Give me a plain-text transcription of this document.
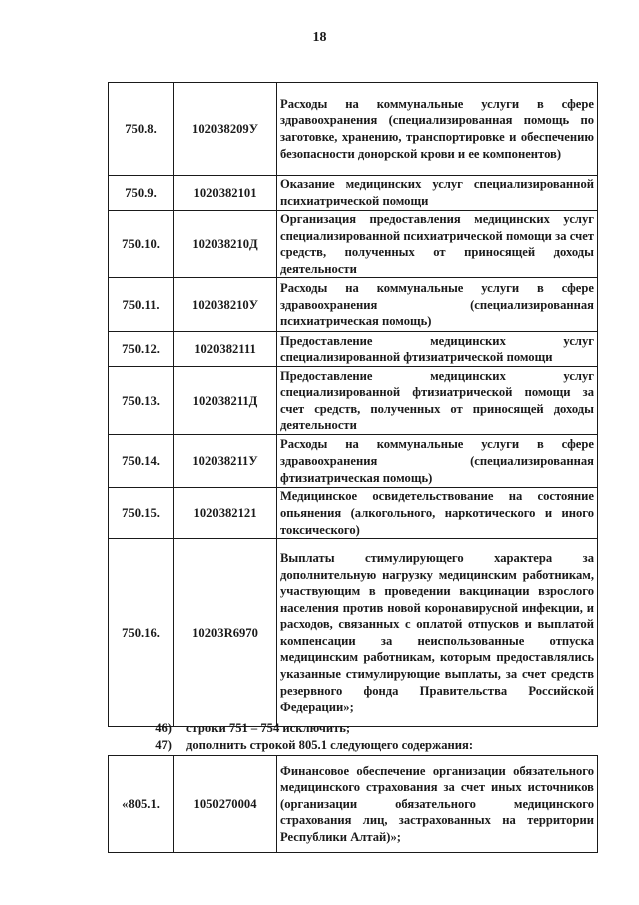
18
750.8.	102038209У	Расходы на коммунальные услуги в сфере здравоохранения (специализированная помощь по заготовке, хранению, транспортировке и обеспечению безопасности донорской крови и ее компонентов)
750.9.	1020382101	Оказание медицинских услуг специализированной психиатрической помощи
750.10.	102038210Д	Организация предоставления медицинских услуг специализированной психиатрической помощи за счет средств, полученных от приносящей доходы деятельности
750.11.	102038210У	Расходы на коммунальные услуги в сфере здравоохранения (специализированная психиатрическая помощь)
750.12.	1020382111	Предоставление медицинских услуг специализированной фтизиатрической помощи
750.13.	102038211Д	Предоставление медицинских услуг специализированной фтизиатрической помощи за счет средств, полученных от приносящей доходы деятельности
750.14.	102038211У	Расходы на коммунальные услуги в сфере здравоохранения (специализированная фтизиатрическая помощь)
750.15.	1020382121	Медицинское освидетельствование на состояние опьянения (алкогольного, наркотического и иного токсического)
750.16.	10203R6970	Выплаты стимулирующего характера за дополнительную нагрузку медицинским работникам, участвующим в проведении вакцинации взрослого населения против новой коронавирусной инфекции, и расходов, связанных с оплатой отпусков и выплатой компенсации за неиспользованные отпуска медицинским работникам, которым предоставлялись указанные стимулирующие выплаты, за счет средств резервного фонда Правительства Российской Федерации»;
46) строки 751 – 754 исключить;
47) дополнить строкой 805.1 следующего содержания:
«805.1.	1050270004	Финансовое обеспечение организации обязательного медицинского страхования за счет иных источников (организации обязательного медицинского страхования лиц, застрахованных на территории Республики Алтай)»;
